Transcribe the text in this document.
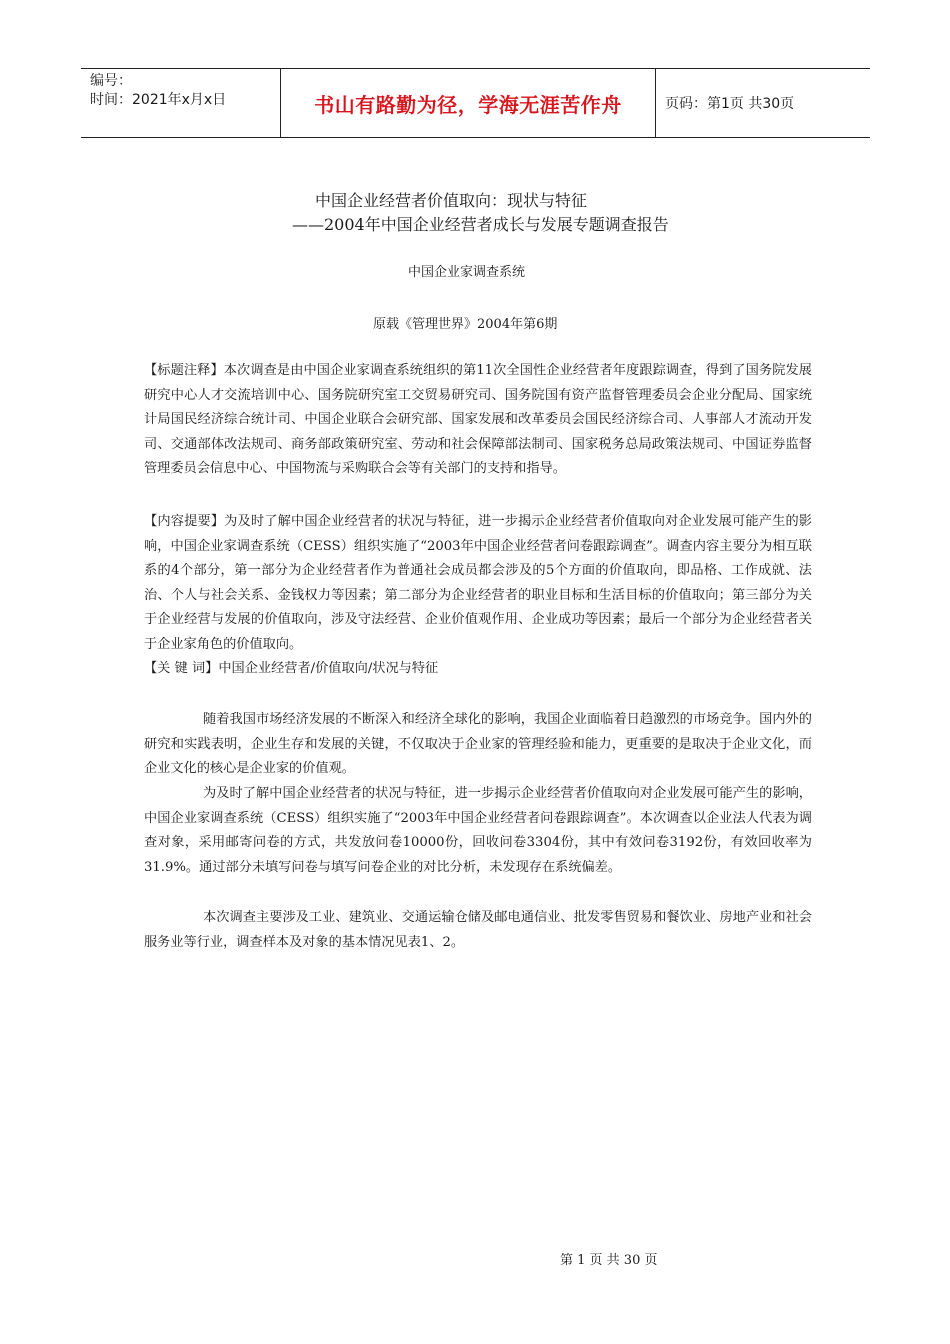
编号：
时间：2021年x月x日	书山有路勤为径，学海无涯苦作舟	页码：第1页 共30页
中国企业经营者价值取向：现状与特征
——2004年中国企业经营者成长与发展专题调查报告
中国企业家调查系统
原载《管理世界》2004年第6期

【标题注释】本次调查是由中国企业家调查系统组织的第11次全国性企业经营者年度跟踪调查，得到了国务院发展研究中心人才交流培训中心、国务院研究室工交贸易研究司、国务院国有资产监督管理委员会企业分配局、国家统计局国民经济综合统计司、中国企业联合会研究部、国家发展和改革委员会国民经济综合司、人事部人才流动开发司、交通部体改法规司、商务部政策研究室、劳动和社会保障部法制司、国家税务总局政策法规司、中国证券监督管理委员会信息中心、中国物流与采购联合会等有关部门的支持和指导。

【内容提要】为及时了解中国企业经营者的状况与特征，进一步揭示企业经营者价值取向对企业发展可能产生的影响，中国企业家调查系统（CESS）组织实施了“2003年中国企业经营者问卷跟踪调查”。调查内容主要分为相互联系的4个部分，第一部分为企业经营者作为普通社会成员都会涉及的5个方面的价值取向，即品格、工作成就、法治、个人与社会关系、金钱权力等因素；第二部分为企业经营者的职业目标和生活目标的价值取向；第三部分为关于企业经营与发展的价值取向，涉及守法经营、企业价值观作用、企业成功等因素；最后一个部分为企业经营者关于企业家角色的价值取向。

【关 键 词】中国企业经营者/价值取向/状况与特征

随着我国市场经济发展的不断深入和经济全球化的影响，我国企业面临着日趋激烈的市场竞争。国内外的研究和实践表明，企业生存和发展的关键，不仅取决于企业家的管理经验和能力，更重要的是取决于企业文化，而企业文化的核心是企业家的价值观。

为及时了解中国企业经营者的状况与特征，进一步揭示企业经营者价值取向对企业发展可能产生的影响，中国企业家调查系统（CESS）组织实施了“2003年中国企业经营者问卷跟踪调查”。本次调查以企业法人代表为调查对象，采用邮寄问卷的方式，共发放问卷10000份，回收问卷3304份，其中有效问卷3192份，有效回收率为31.9%。通过部分未填写问卷与填写问卷企业的对比分析，未发现存在系统偏差。

本次调查主要涉及工业、建筑业、交通运输仓储及邮电通信业、批发零售贸易和餐饮业、房地产业和社会服务业等行业，调查样本及对象的基本情况见表1、2。

第 1 页 共 30 页
